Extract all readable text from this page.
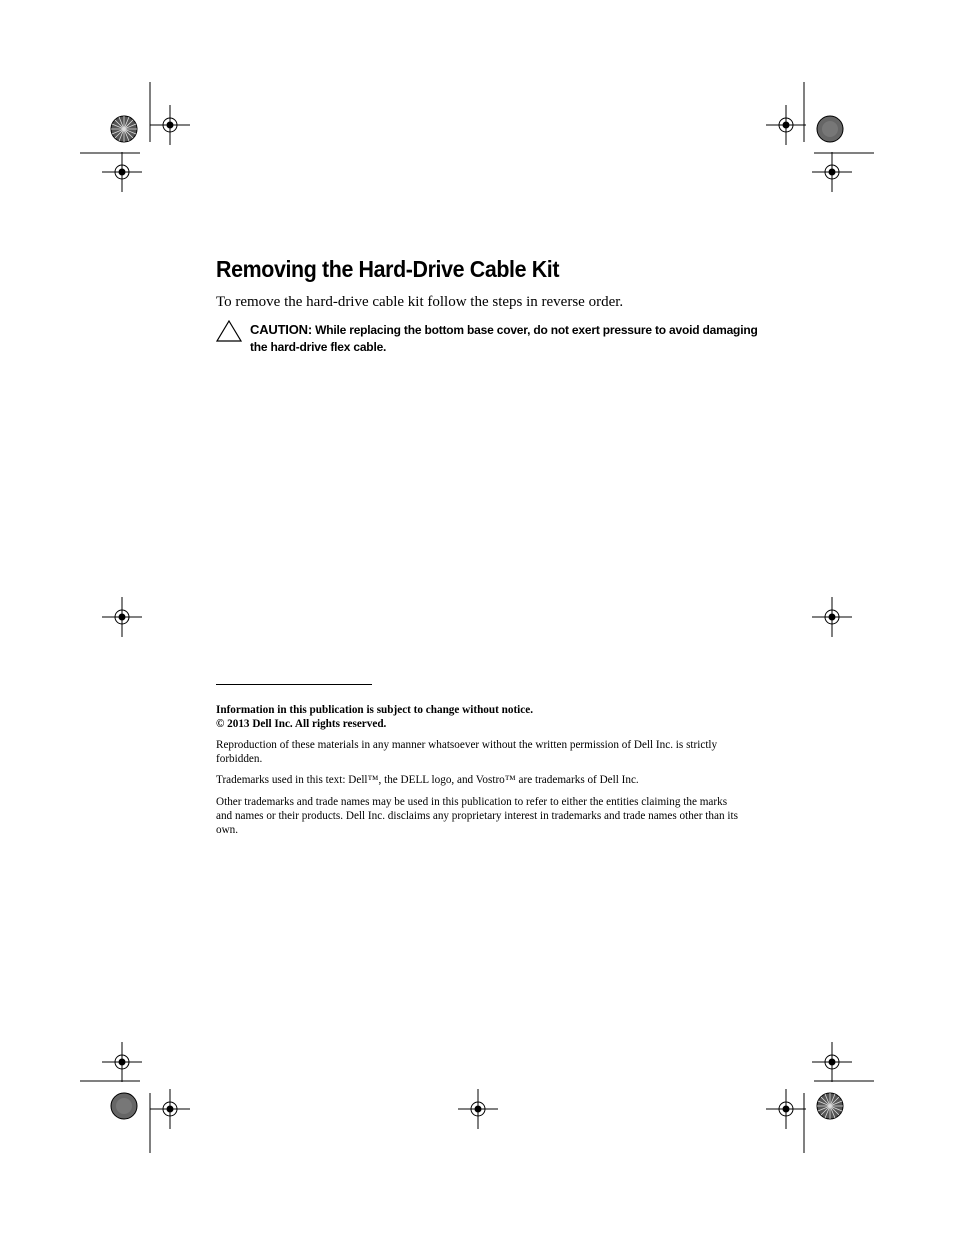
Removing the Hard-Drive Cable Kit
To remove the hard-drive cable kit follow the steps in reverse order.
CAUTION: While replacing the bottom base cover, do not exert pressure to avoid damaging the hard-drive flex cable.
Information in this publication is subject to change without notice.
© 2013 Dell Inc. All rights reserved.
Reproduction of these materials in any manner whatsoever without the written permission of Dell Inc. is strictly forbidden.
Trademarks used in this text: Dell™, the DELL logo, and Vostro™ are trademarks of Dell Inc.
Other trademarks and trade names may be used in this publication to refer to either the entities claiming the marks and names or their products. Dell Inc. disclaims any proprietary interest in trademarks and trade names other than its own.
